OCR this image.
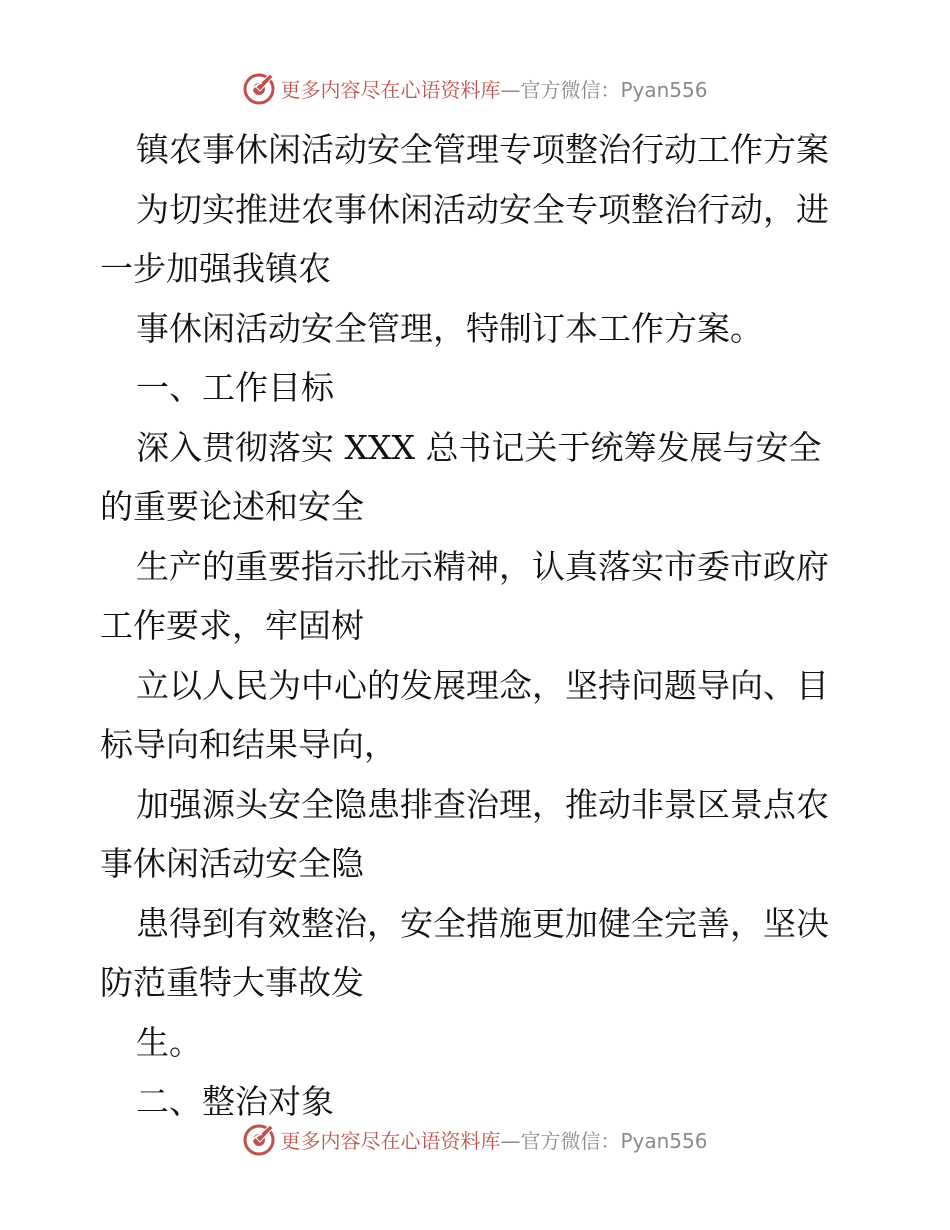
更多内容尽在心语资料库—官方微信：Pyan556
镇农事休闲活动安全管理专项整治行动工作方案
为切实推进农事休闲活动安全专项整治行动，进
一步加强我镇农
事休闲活动安全管理，特制订本工作方案。
一、工作目标
深入贯彻落实 XXX 总书记关于统筹发展与安全
的重要论述和安全
生产的重要指示批示精神，认真落实市委市政府
工作要求，牢固树
立以人民为中心的发展理念，坚持问题导向、目
标导向和结果导向，
加强源头安全隐患排查治理，推动非景区景点农
事休闲活动安全隐
患得到有效整治，安全措施更加健全完善，坚决
防范重特大事故发
生。
二、整治对象
更多内容尽在心语资料库—官方微信：Pyan556
